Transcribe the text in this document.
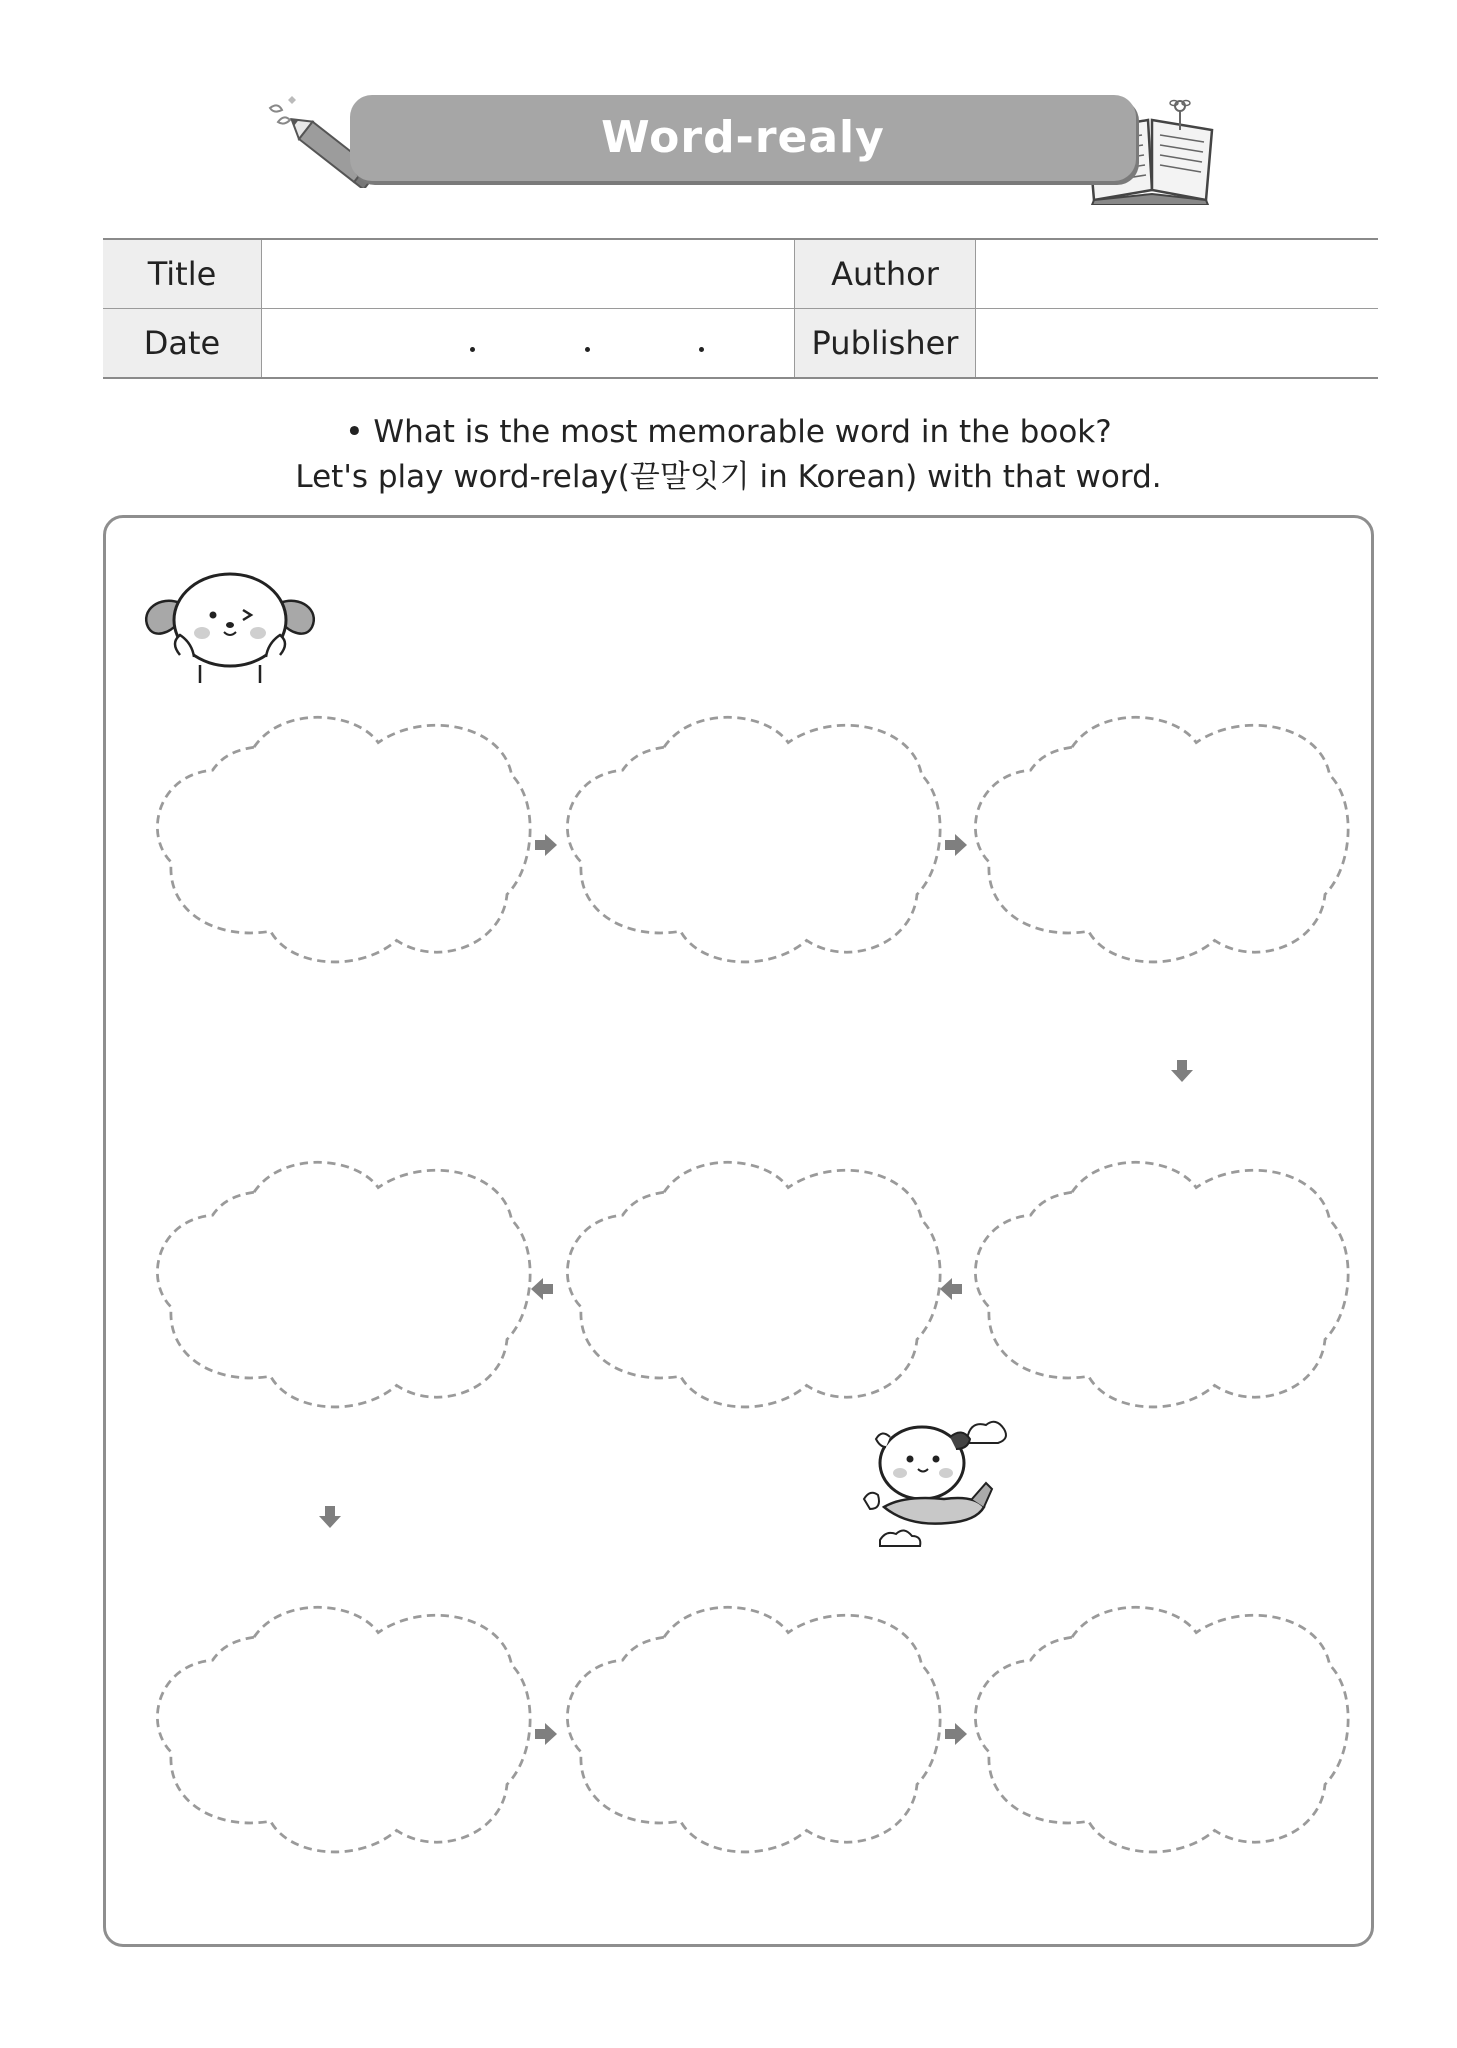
Word-realy
Title		Author	
Date		Publisher	
• What is the most memorable word in the book?
Let's play word-relay(끝말잇기 in Korean) with that word.
